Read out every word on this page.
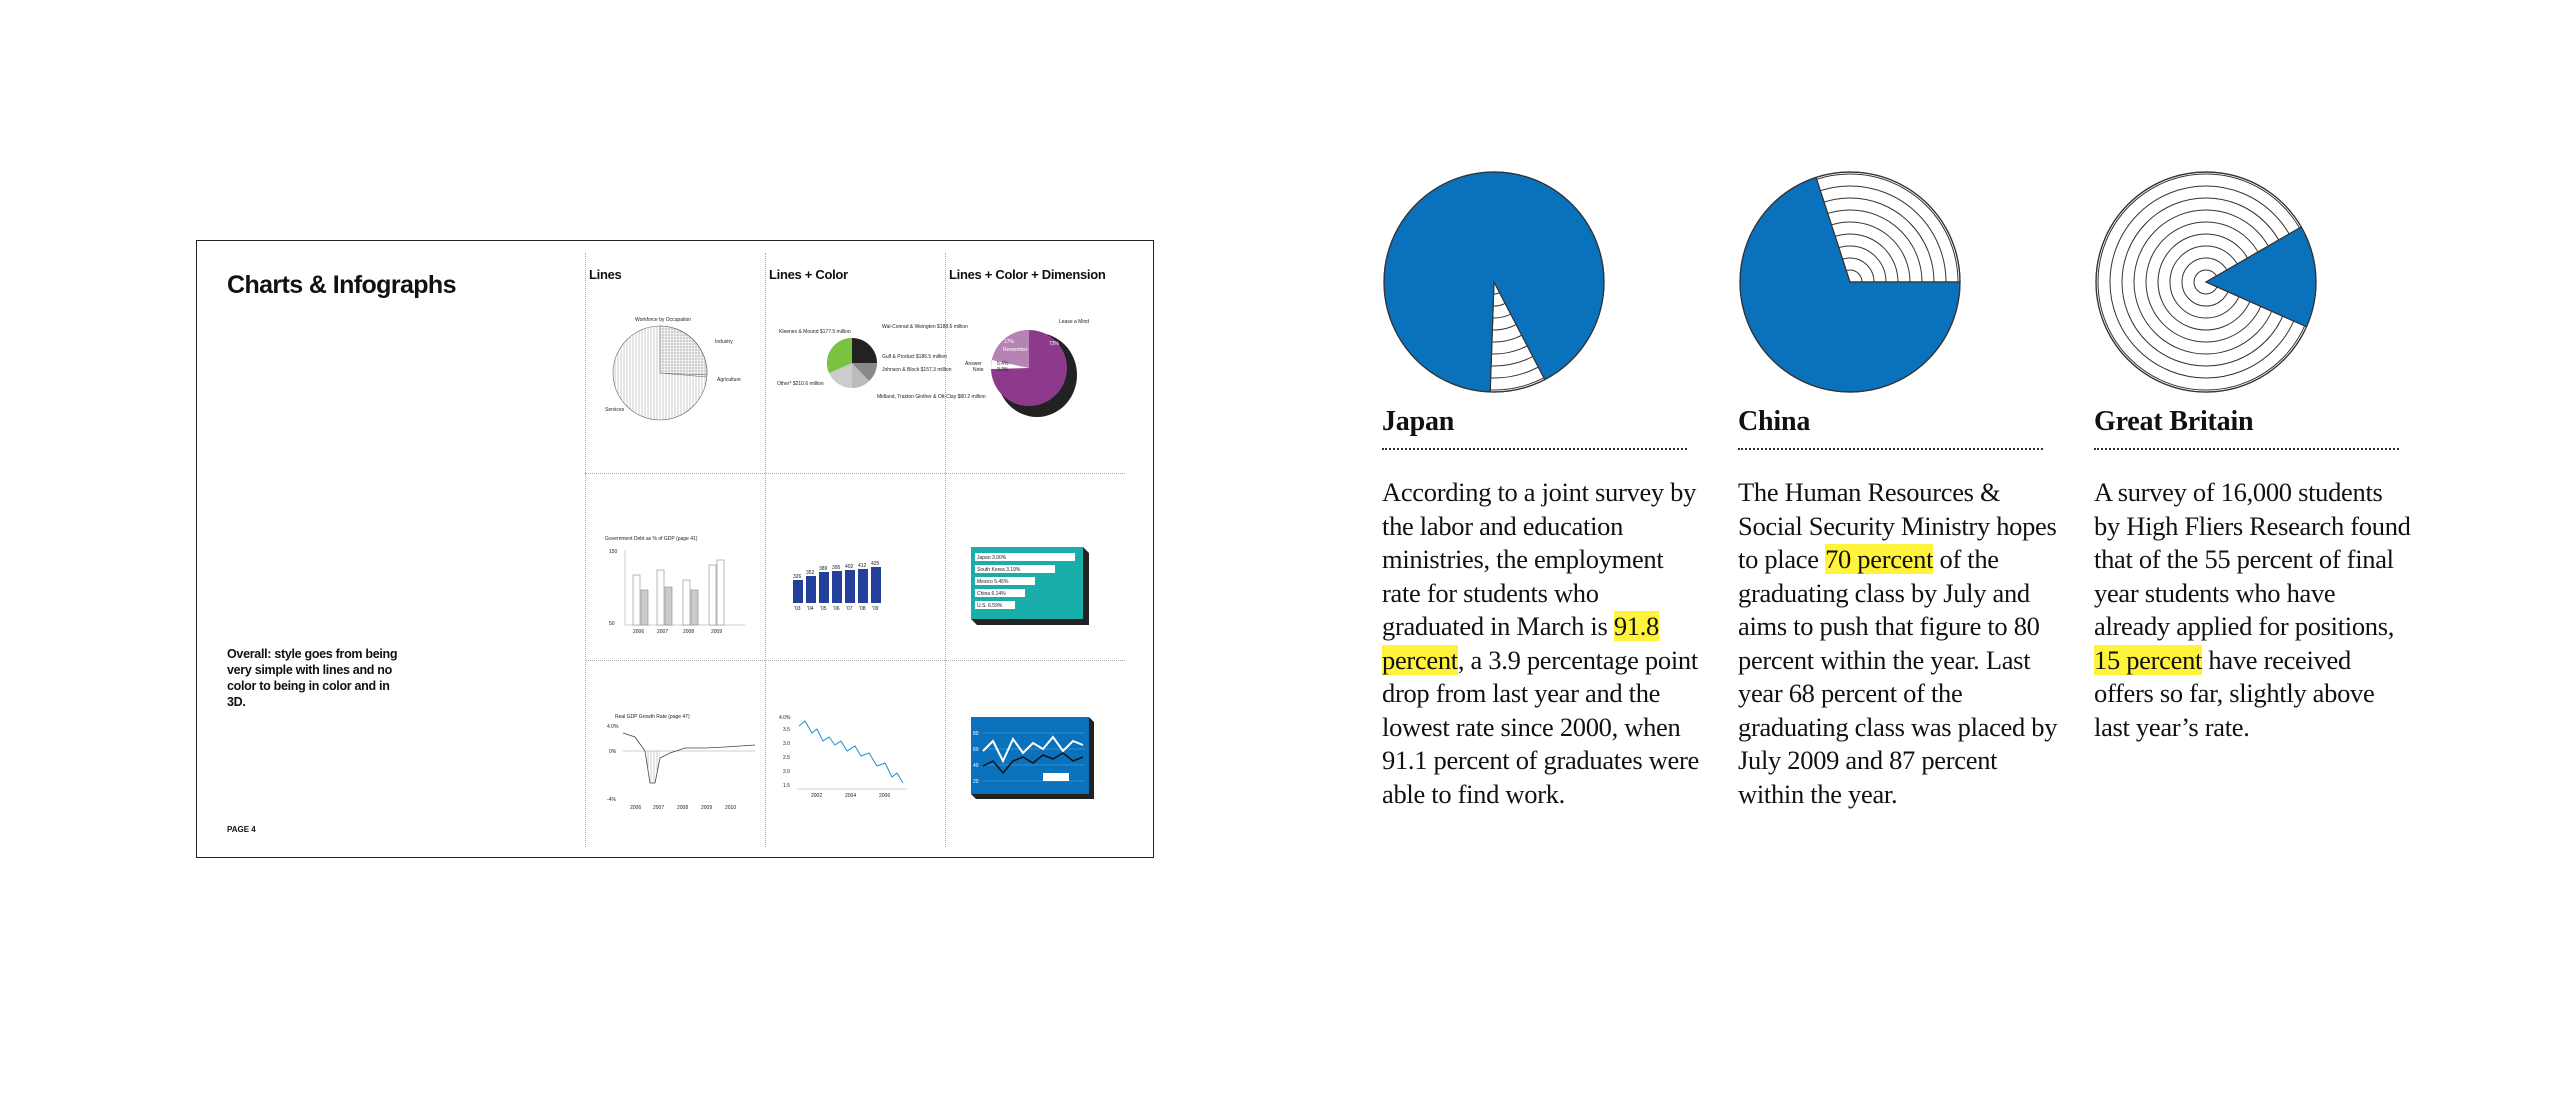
Charts & Infographs
Overall: style goes from being very simple with lines and no color to being in color and in 3D.
PAGE 4
Lines	Lines + Color	Lines + Color + Dimension
Workforce by Occupation
Industry
Agriculture
Services
Kleenex & Mound $177.5 million
Wal-Conrad & Weingten $188.6 million
Gulf & Product $186.5 million
Johnson & Block $157.3 million
Other* $210.6 million
Midland, Traxton Ginther & Ott-Clay $80.2 million
17%	73%
5.4%
3.3%
Lease a Mind
Remember
Answer
Note
Government Debt as % of GDP (page 41)
150
50
2006	2007	2008	2009
326
352
389 395 402 412 425
'03 '04 '05 '06 '07 '08 '09
Japan 3.00%
South Korea 3.19%
Mexico 5.45%
China 6.14%
U.S. 6.59%
Real GDP Growth Rate (page 47)
4.0%
0%
-4%
2006 2007	2008	2009	2010
4.0%
3.5
3.0
2.5
2.0
1.5
2002	2004	2006
80
60
40
20
Japan

According to a joint survey by the labor and education ministries, the employment rate for students who graduated in March is 91.8 percent, a 3.9 percentage point drop from last year and the lowest rate since 2000, when 91.1 percent of graduates were able to find work.

China

The Human Resources & Social Security Ministry hopes to place 70 percent of the graduating class by July and aims to push that figure to 80 percent within the year. Last year 68 percent of the graduating class was placed by July 2009 and 87 percent within the year.

Great Britain

A survey of 16,000 students by High Fliers Research found that of the 55 percent of final year students who have already applied for positions, 15 percent have received offers so far, slightly above last year’s rate.
